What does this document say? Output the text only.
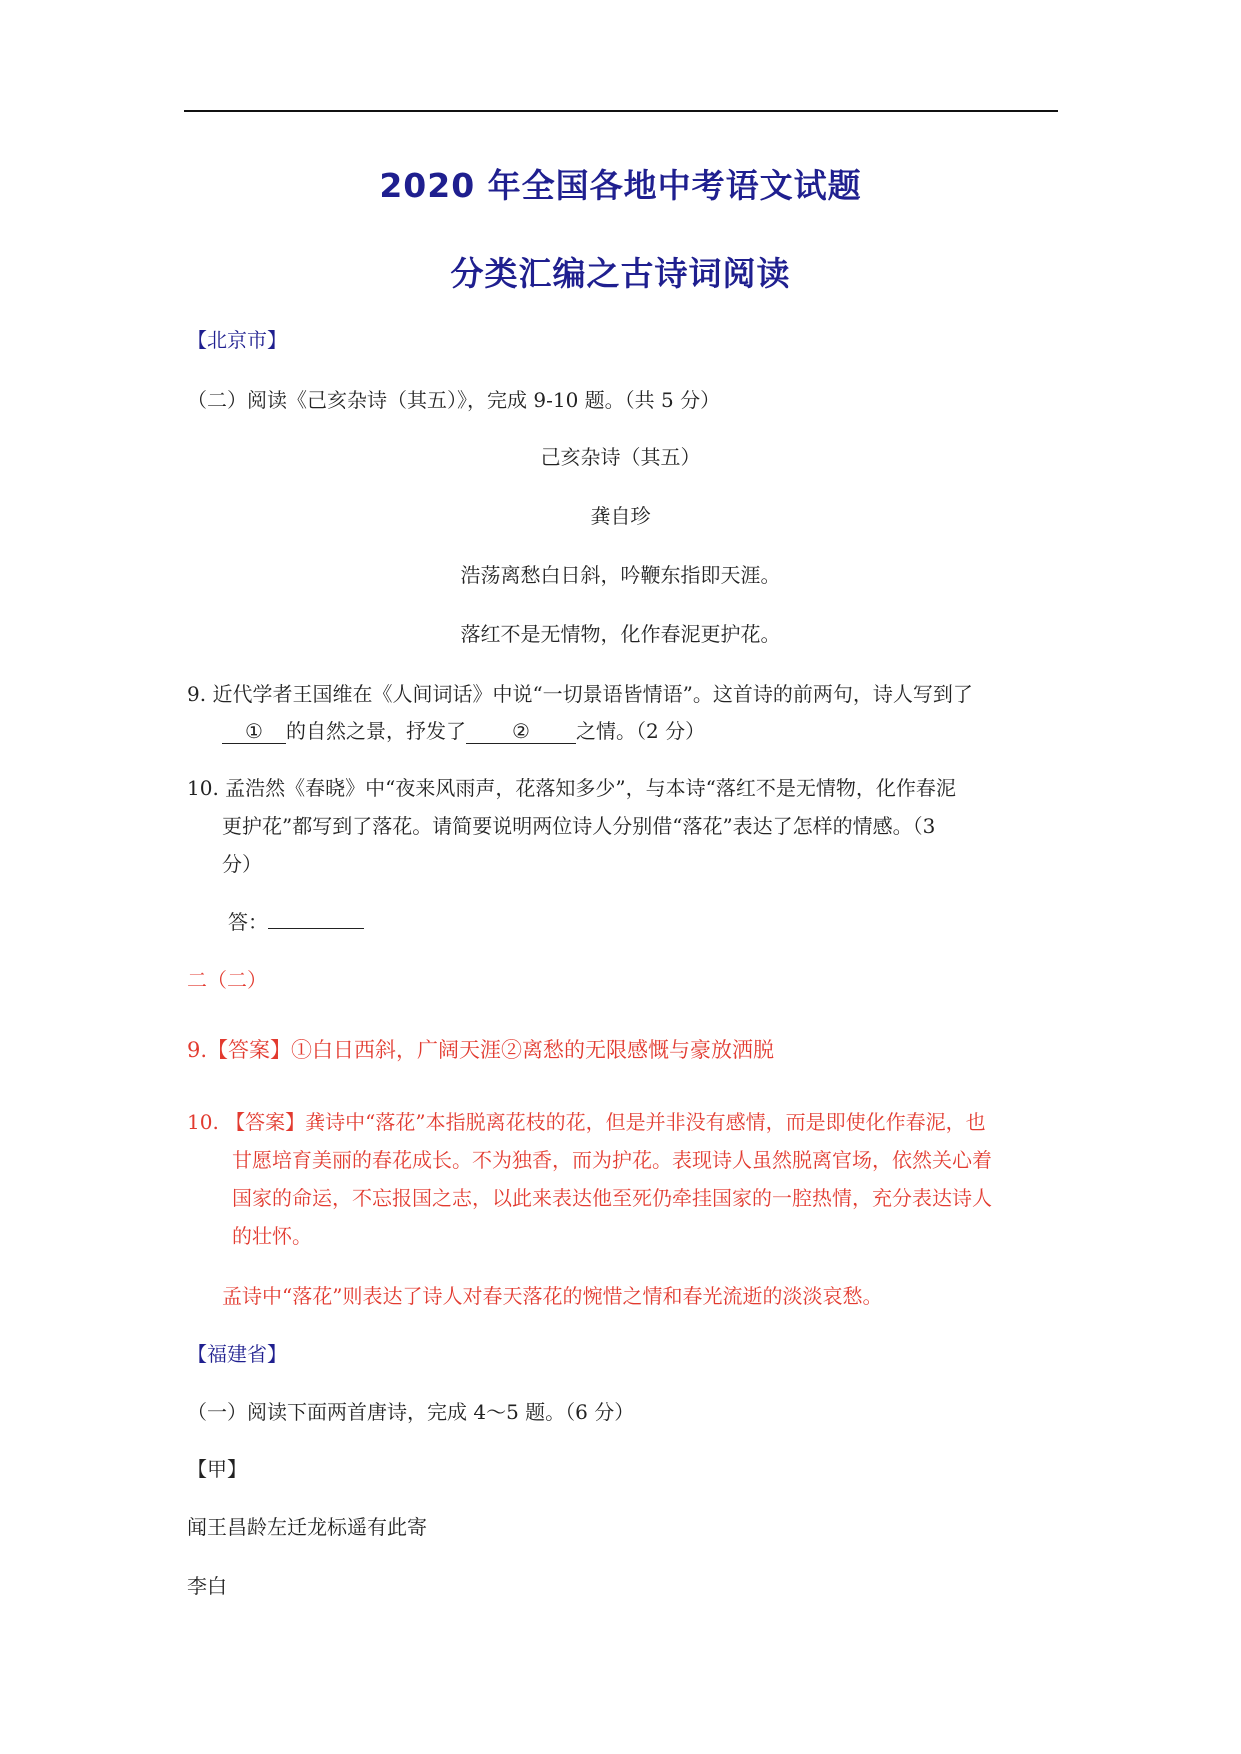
2020 年全国各地中考语文试题
分类汇编之古诗词阅读
【北京市】
（二）阅读《己亥杂诗（其五）》，完成 9-10 题。（共 5 分）
己亥杂诗（其五）
龚自珍
浩荡离愁白日斜，吟鞭东指即天涯。
落红不是无情物，化作春泥更护花。
9. 近代学者王国维在《人间词话》中说“一切景语皆情语”。这首诗的前两句，诗人写到了
① 的自然之景，抒发了 ② 之情。（2 分）
10. 孟浩然《春晓》中“夜来风雨声，花落知多少”，与本诗“落红不是无情物，化作春泥
更护花”都写到了落花。请简要说明两位诗人分别借“落花”表达了怎样的情感。（3
分）
答：
二（二）
9.【答案】①白日西斜，广阔天涯②离愁的无限感慨与豪放洒脱
10. 【答案】龚诗中“落花”本指脱离花枝的花，但是并非没有感情，而是即使化作春泥，也
甘愿培育美丽的春花成长。不为独香，而为护花。表现诗人虽然脱离官场，依然关心着
国家的命运，不忘报国之志，以此来表达他至死仍牵挂国家的一腔热情，充分表达诗人
的壮怀。
孟诗中“落花”则表达了诗人对春天落花的惋惜之情和春光流逝的淡淡哀愁。
【福建省】
（一）阅读下面两首唐诗，完成 4～5 题。（6 分）
【甲】
闻王昌龄左迁龙标遥有此寄
李白
